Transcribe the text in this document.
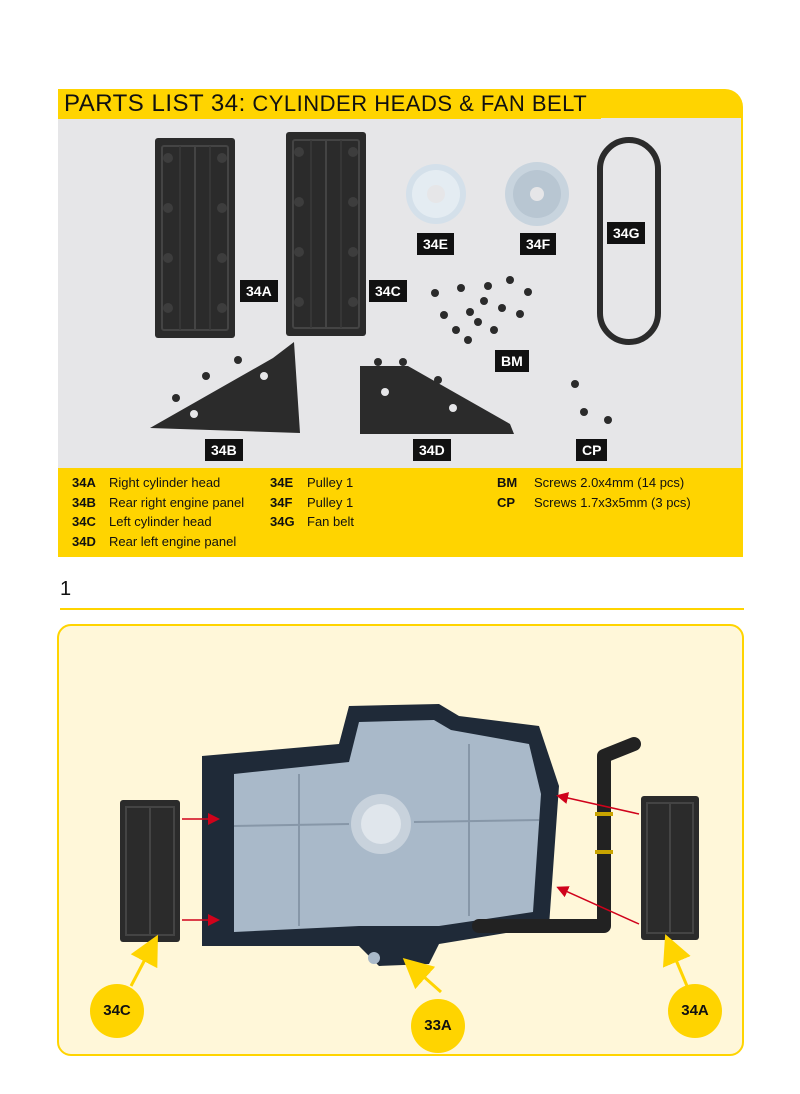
34A	34C
34B	34D
34E	34F
34G
BM
CP
PARTS LIST 34: CYLINDER HEADS & FAN BELT
34A Right cylinder head
34B Rear right engine panel
34C Left cylinder head
34D Rear left engine panel
34E Pulley 1
34F Pulley 1
34G Fan belt
BM Screws 2.0x4mm (14 pcs)
CP Screws 1.7x3x5mm (3 pcs)
1
34C
33A
34A
